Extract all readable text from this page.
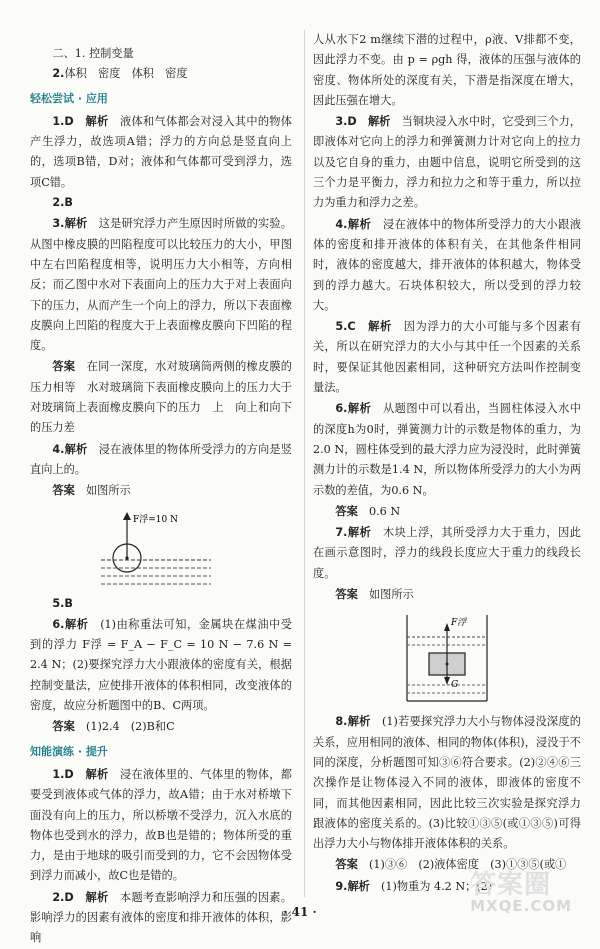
二、1. 控制变量

2.体积　密度　体积　密度

轻松尝试 · 应用

1.D　 解析　 液体和气体都会对浸入其中的物体产生浮力，故选项A错；浮力的方向总是竖直向上的，选项B错，D对；液体和气体都可受到浮力，选项C错。

2.B

3.解析　 这是研究浮力产生原因时所做的实验。从图中橡皮膜的凹陷程度可以比较压力的大小，甲图中左右凹陷程度相等，说明压力大小相等，方向相反；而乙图中水对下表面向上的压力大于对上表面向下的压力，从而产生一个向上的浮力，所以下表面橡皮膜向上凹陷的程度大于上表面橡皮膜向下凹陷的程度。

答案　 在同一深度，水对玻璃筒两侧的橡皮膜的压力相等　水对玻璃筒下表面橡皮膜向上的压力大于对玻璃筒上表面橡皮膜向下的压力　上　向上和向下的压力差

4.解析　 浸在液体里的物体所受浮力的方向是竖直向上的。

答案　 如图所示

F浮=10 N

5.B

6.解析　 (1)由称重法可知，金属块在煤油中受到的浮力 F浮 = F_A − F_C = 10 N − 7.6 N = 2.4 N；(2)要探究浮力大小跟液体的密度有关，根据控制变量法，应使排开液体的体积相同，改变液体的密度，故应分析题图中的B、C两项。

答案　 (1)2.4　(2)B和C

知能演练 · 提升

1.D　 解析　 浸在液体里的、气体里的物体，都要受到液体或气体的浮力，故A错；由于水对桥墩下面没有向上的压力，所以桥墩不受浮力，沉入水底的物体也受到水的浮力，故B也是错的；物体所受的重力，是由于地球的吸引而受到的力，它不会因物体受到浮力而减小，故C也是错的。

2.D　 解析　 本题考查影响浮力和压强的因素。影响浮力的因素有液体的密度和排开液体的体积，影响

人从水下2 m继续下潜的过程中，ρ液、V排都不变，因此浮力不变。由 p = ρgh 得，液体的压强与液体的密度、物体所处的深度有关，下潜是指深度在增大，因此压强在增大。

3.D　 解析　 当铜块浸入水中时，它受到三个力，即液体对它向上的浮力和弹簧测力计对它向上的拉力以及它自身的重力，由题中信息，说明它所受到的这三个力是平衡力，浮力和拉力之和等于重力，所以拉力为重力和浮力之差。

4.解析　 浸在液体中的物体所受浮力的大小跟液体的密度和排开液体的体积有关，在其他条件相同时，液体的密度越大，排开液体的体积越大，物体受到的浮力越大。石块体积较大，所以受到的浮力较大。

5.C　 解析　 因为浮力的大小可能与多个因素有关，所以在研究浮力的大小与其中任一个因素的关系时，要保证其他因素相同，这种研究方法叫作控制变量法。

6.解析　 从题图中可以看出，当圆柱体浸入水中的深度h为0时，弹簧测力计的示数是物体的重力，为2.0 N，圆柱体受到的最大浮力应为浸没时，此时弹簧测力计的示数是1.4 N，所以物体所受浮力的大小为两示数的差值，为0.6 N。

答案　 0.6 N

7.解析　 木块上浮，其所受浮力大于重力，因此在画示意图时，浮力的线段长度应大于重力的线段长度。

答案　 如图所示

F浮
G

8.解析　 (1)若要探究浮力大小与物体浸没深度的关系，应用相同的液体、相同的物体(体积)，浸没于不同的深度，分析题图可知③⑥符合要求。(2)②④⑥三次操作是让物体浸入不同的液体，即液体的密度不同，而其他因素相同，因此比较三次实验是探究浮力跟液体的密度关系的。(3)比较①③⑤(或①③⑤)可得出浮力大小与物体排开液体体积的关系。

答案　 (1)③⑥　(2)液体密度　(3)①③⑤(或①

9.解析　 (1)物重为 4.2 N；(2)

· 41 ·
答案圈
MXQE.COM
